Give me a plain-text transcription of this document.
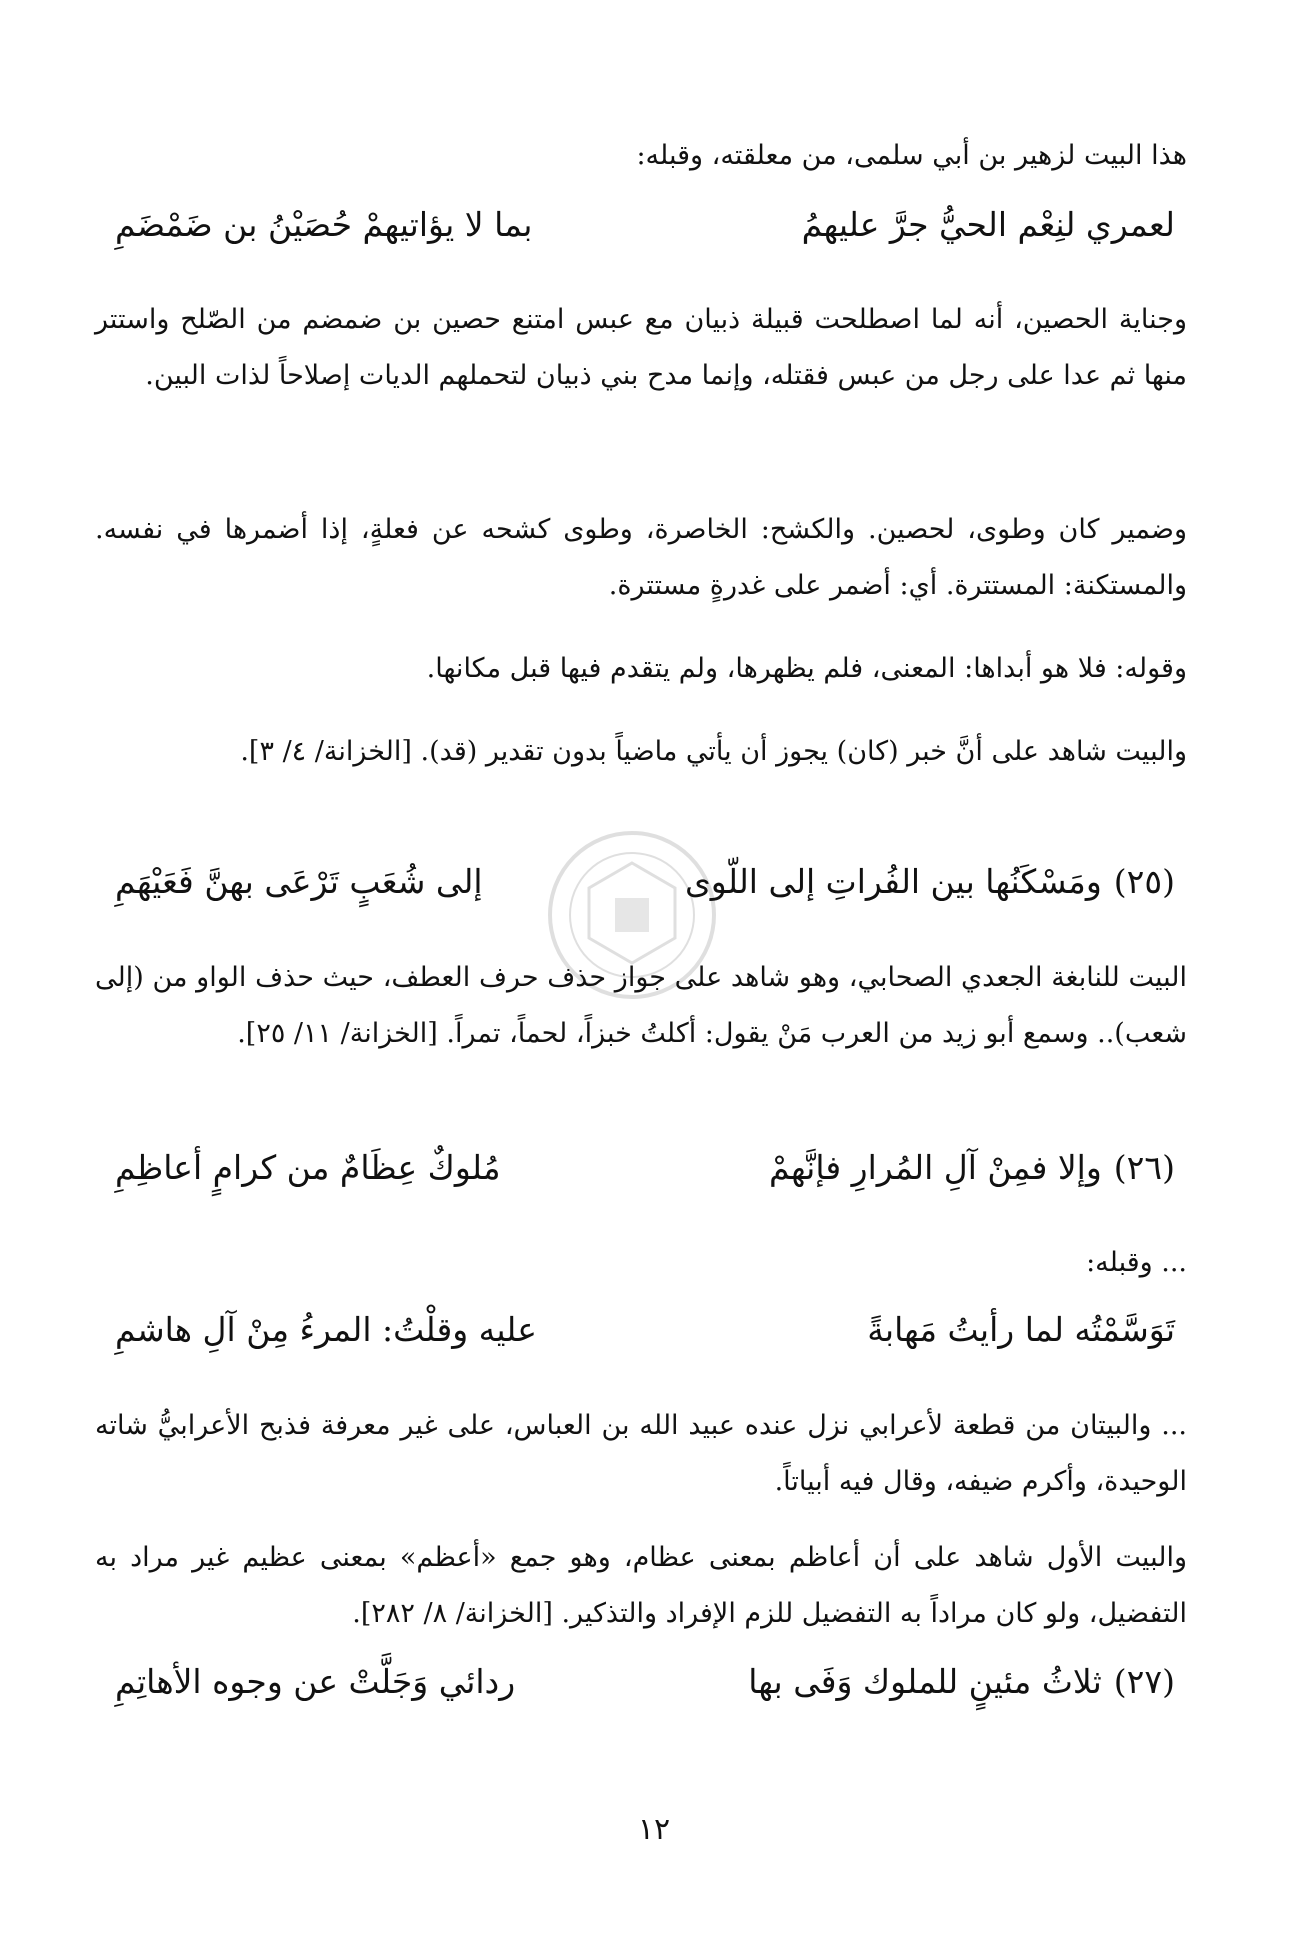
هذا البيت لزهير بن أبي سلمى، من معلقته، وقبله:
لعمري لنِعْم الحيُّ جرَّ عليهمُ
بما لا يؤاتيهمْ حُصَيْنُ بن ضَمْضَمِ
وجناية الحصين، أنه لما اصطلحت قبيلة ذبيان مع عبس امتنع حصين بن ضمضم من الصّلح واستتر منها ثم عدا على رجل من عبس فقتله، وإنما مدح بني ذبيان لتحملهم الديات إصلاحاً لذات البين.
وضمير كان وطوى، لحصين. والكشح: الخاصرة، وطوى كشحه عن فعلةٍ، إذا أضمرها في نفسه. والمستكنة: المستترة. أي: أضمر على غدرةٍ مستترة.
وقوله: فلا هو أبداها: المعنى، فلم يظهرها، ولم يتقدم فيها قبل مكانها.
والبيت شاهد على أنَّ خبر (كان) يجوز أن يأتي ماضياً بدون تقدير (قد). [الخزانة/ ٤/ ٣].
(٢٥)ومَسْكَنُها بين الفُراتِ إلى اللّوى
إلى شُعَبٍ تَرْعَى بهنَّ فَعَيْهَمِ
البيت للنابغة الجعدي الصحابي، وهو شاهد على جواز حذف حرف العطف، حيث حذف الواو من (إلى شعب).. وسمع أبو زيد من العرب مَنْ يقول: أكلتُ خبزاً، لحماً، تمراً. [الخزانة/ ١١/ ٢٥].
(٢٦)وإلا فمِنْ آلِ المُرارِ فإنَّهمْ
مُلوكٌ عِظَامٌ من كرامٍ أعاظِمِ
... وقبله:
تَوَسَّمْتُه لما رأيتُ مَهابةً
عليه وقلْتُ: المرءُ مِنْ آلِ هاشمِ
... والبيتان من قطعة لأعرابي نزل عنده عبيد الله بن العباس، على غير معرفة فذبح الأعرابيُّ شاته الوحيدة، وأكرم ضيفه، وقال فيه أبياتاً.
والبيت الأول شاهد على أن أعاظم بمعنى عظام، وهو جمع «أعظم» بمعنى عظيم غير مراد به التفضيل، ولو كان مراداً به التفضيل للزم الإفراد والتذكير. [الخزانة/ ٨/ ٢٨٢].
(٢٧)ثلاثُ مئينٍ للملوك وَفَى بها
ردائي وَجَلَّتْ عن وجوه الأهاتِمِ
١٢
